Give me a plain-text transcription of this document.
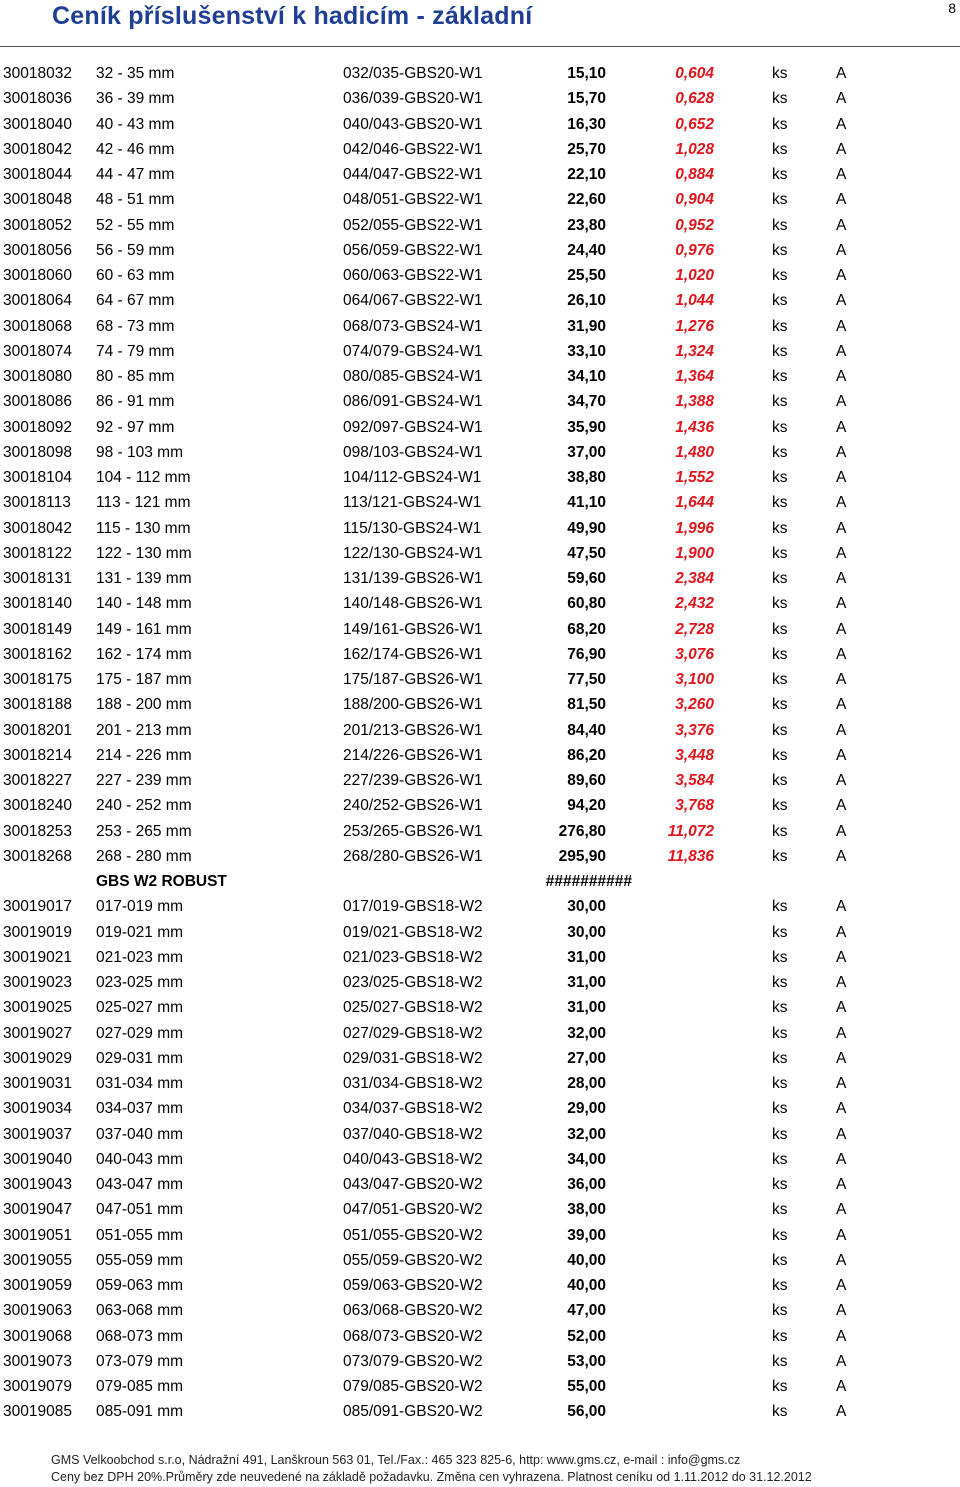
Ceník příslušenství k hadicím - základní	8
30018032 32 - 35 mm	032/035-GBS20-W1	15,10	0,604	ks	A
30018036 36 - 39 mm	036/039-GBS20-W1	15,70	0,628	ks	A
30018040 40 - 43 mm	040/043-GBS20-W1	16,30	0,652	ks	A
30018042 42 - 46 mm	042/046-GBS22-W1	25,70	1,028	ks	A
30018044 44 - 47 mm	044/047-GBS22-W1	22,10	0,884	ks	A
30018048 48 - 51 mm	048/051-GBS22-W1	22,60	0,904	ks	A
30018052 52 - 55 mm	052/055-GBS22-W1	23,80	0,952	ks	A
30018056 56 - 59 mm	056/059-GBS22-W1	24,40	0,976	ks	A
30018060 60 - 63 mm	060/063-GBS22-W1	25,50	1,020	ks	A
30018064 64 - 67 mm	064/067-GBS22-W1	26,10	1,044	ks	A
30018068 68 - 73 mm	068/073-GBS24-W1	31,90	1,276	ks	A
30018074 74 - 79 mm	074/079-GBS24-W1	33,10	1,324	ks	A
30018080 80 - 85 mm	080/085-GBS24-W1	34,10	1,364	ks	A
30018086 86 - 91 mm	086/091-GBS24-W1	34,70	1,388	ks	A
30018092 92 - 97 mm	092/097-GBS24-W1	35,90	1,436	ks	A
30018098 98 - 103 mm	098/103-GBS24-W1	37,00	1,480	ks	A
30018104 104 - 112 mm	104/112-GBS24-W1	38,80	1,552	ks	A
30018113 113 - 121 mm	113/121-GBS24-W1	41,10	1,644	ks	A
30018042 115 - 130 mm	115/130-GBS24-W1	49,90	1,996	ks	A
30018122 122 - 130 mm	122/130-GBS24-W1	47,50	1,900	ks	A
30018131 131 - 139 mm	131/139-GBS26-W1	59,60	2,384	ks	A
30018140 140 - 148 mm	140/148-GBS26-W1	60,80	2,432	ks	A
30018149 149 - 161 mm	149/161-GBS26-W1	68,20	2,728	ks	A
30018162 162 - 174 mm	162/174-GBS26-W1	76,90	3,076	ks	A
30018175 175 - 187 mm	175/187-GBS26-W1	77,50	3,100	ks	A
30018188 188 - 200 mm	188/200-GBS26-W1	81,50	3,260	ks	A
30018201 201 - 213 mm	201/213-GBS26-W1	84,40	3,376	ks	A
30018214 214 - 226 mm	214/226-GBS26-W1	86,20	3,448	ks	A
30018227 227 - 239 mm	227/239-GBS26-W1	89,60	3,584	ks	A
30018240 240 - 252 mm	240/252-GBS26-W1	94,20	3,768	ks	A
30018253 253 - 265 mm	253/265-GBS26-W1	276,80	11,072	ks	A
30018268 268 - 280 mm	268/280-GBS26-W1	295,90	11,836	ks	A
GBS W2 ROBUST	##########
30019017 017-019 mm	017/019-GBS18-W2	30,00	ks	A
30019019 019-021 mm	019/021-GBS18-W2	30,00	ks	A
30019021 021-023 mm	021/023-GBS18-W2	31,00	ks	A
30019023 023-025 mm	023/025-GBS18-W2	31,00	ks	A
30019025 025-027 mm	025/027-GBS18-W2	31,00	ks	A
30019027 027-029 mm	027/029-GBS18-W2	32,00	ks	A
30019029 029-031 mm	029/031-GBS18-W2	27,00	ks	A
30019031 031-034 mm	031/034-GBS18-W2	28,00	ks	A
30019034 034-037 mm	034/037-GBS18-W2	29,00	ks	A
30019037 037-040 mm	037/040-GBS18-W2	32,00	ks	A
30019040 040-043 mm	040/043-GBS18-W2	34,00	ks	A
30019043 043-047 mm	043/047-GBS20-W2	36,00	ks	A
30019047 047-051 mm	047/051-GBS20-W2	38,00	ks	A
30019051 051-055 mm	051/055-GBS20-W2	39,00	ks	A
30019055 055-059 mm	055/059-GBS20-W2	40,00	ks	A
30019059 059-063 mm	059/063-GBS20-W2	40,00	ks	A
30019063 063-068 mm	063/068-GBS20-W2	47,00	ks	A
30019068 068-073 mm	068/073-GBS20-W2	52,00	ks	A
30019073 073-079 mm	073/079-GBS20-W2	53,00	ks	A
30019079 079-085 mm	079/085-GBS20-W2	55,00	ks	A
30019085 085-091 mm	085/091-GBS20-W2	56,00	ks	A
GMS Velkoobchod s.r.o, Nádražní 491, Lanškroun 563 01, Tel./Fax.: 465 323 825-6, http: www.gms.cz, e-mail : info@gms.cz
Ceny bez DPH 20%.Průměry zde neuvedené na základě požadavku. Změna cen vyhrazena. Platnost ceníku od 1.11.2012 do 31.12.2012
